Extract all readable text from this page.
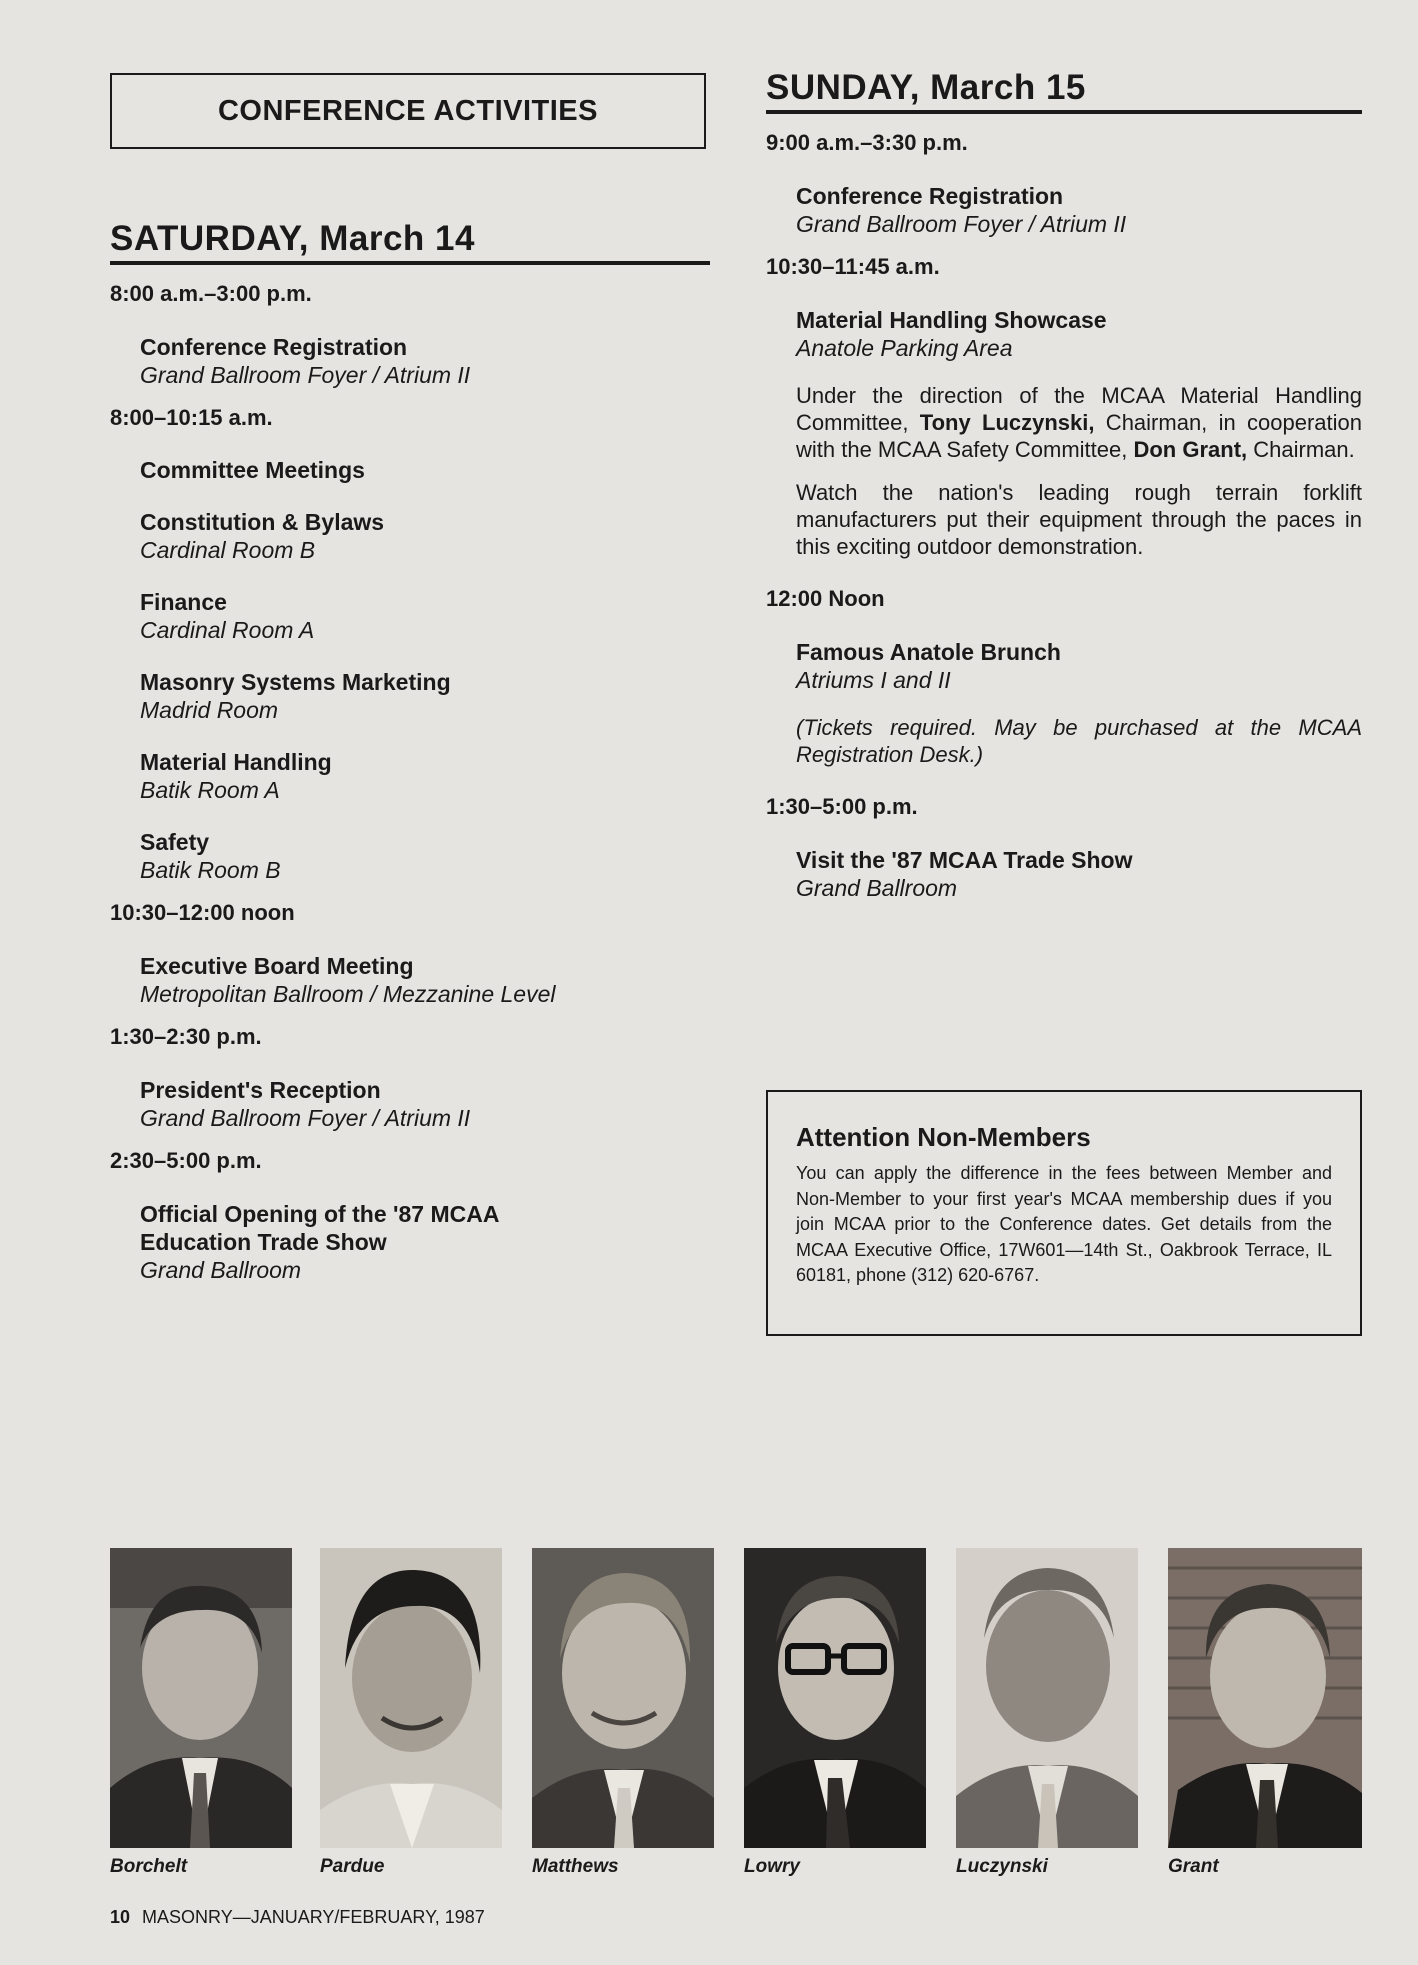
CONFERENCE ACTIVITIES
SATURDAY, March 14
8:00 a.m.–3:00 p.m.
Conference Registration
Grand Ballroom Foyer / Atrium II
8:00–10:15 a.m.
Committee Meetings
Constitution & Bylaws
Cardinal Room B
Finance
Cardinal Room A
Masonry Systems Marketing
Madrid Room
Material Handling
Batik Room A
Safety
Batik Room B
10:30–12:00 noon
Executive Board Meeting
Metropolitan Ballroom / Mezzanine Level
1:30–2:30 p.m.
President's Reception
Grand Ballroom Foyer / Atrium II
2:30–5:00 p.m.
Official Opening of the '87 MCAA
Education Trade Show
Grand Ballroom
SUNDAY, March 15
9:00 a.m.–3:30 p.m.
Conference Registration
Grand Ballroom Foyer / Atrium II
10:30–11:45 a.m.
Material Handling Showcase
Anatole Parking Area
Under the direction of the MCAA Material Handling Committee, Tony Luczynski, Chairman, in cooperation with the MCAA Safety Committee, Don Grant, Chairman.
Watch the nation's leading rough terrain forklift manufacturers put their equipment through the paces in this exciting outdoor demonstration.
12:00 Noon
Famous Anatole Brunch
Atriums I and II
(Tickets required. May be purchased at the MCAA Registration Desk.)
1:30–5:00 p.m.
Visit the '87 MCAA Trade Show
Grand Ballroom
Attention Non-Members
You can apply the difference in the fees between Member and Non-Member to your first year's MCAA membership dues if you join MCAA prior to the Conference dates. Get details from the MCAA Executive Office, 17W601—14th St., Oakbrook Terrace, IL 60181, phone (312) 620-6767.
Borchelt	Pardue	Matthews	Lowry	Luczynski	Grant
10 MASONRY—JANUARY/FEBRUARY, 1987
